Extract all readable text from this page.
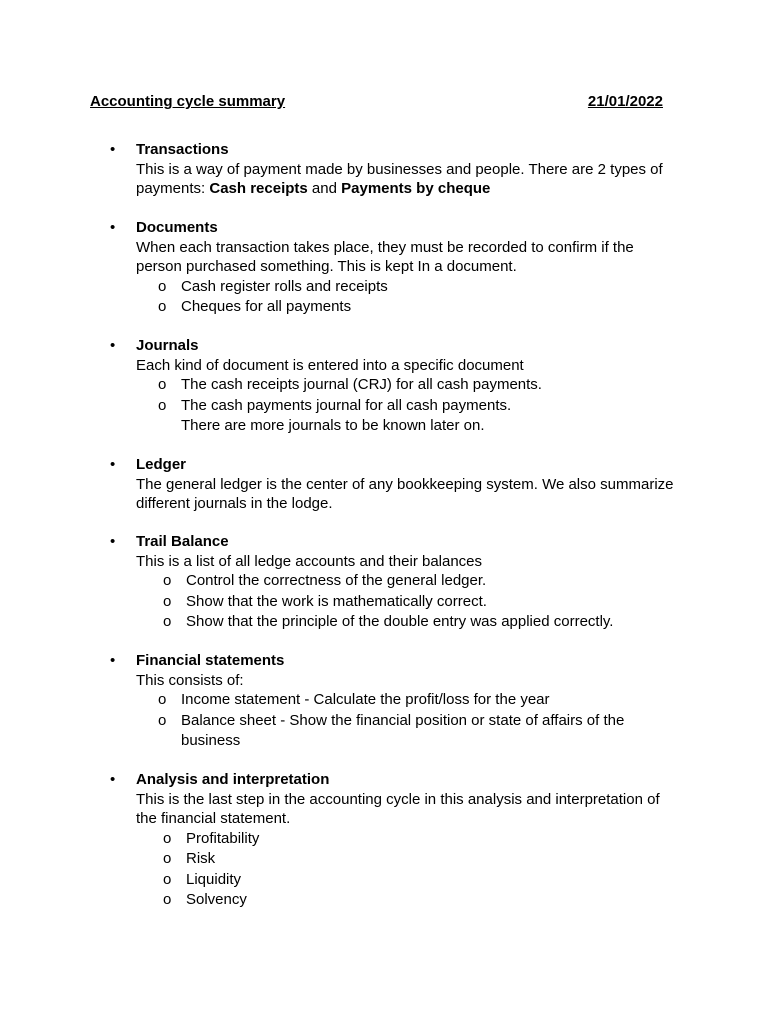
Accounting cycle summary	21/01/2022
• Transactions
This is a way of payment made by businesses and people. There are 2 types of payments: Cash receipts and Payments by cheque
• Documents
When each transaction takes place, they must be recorded to confirm if the person purchased something. This is kept In a document.
o Cash register rolls and receipts
o Cheques for all payments
• Journals
Each kind of document is entered into a specific document
o The cash receipts journal (CRJ) for all cash payments.
o The cash payments journal for all cash payments.
There are more journals to be known later on.
• Ledger
The general ledger is the center of any bookkeeping system. We also summarize different journals in the lodge.
• Trail Balance
This is a list of all ledge accounts and their balances
o Control the correctness of the general ledger.
o Show that the work is mathematically correct.
o Show that the principle of the double entry was applied correctly.
• Financial statements
This consists of:
o Income statement - Calculate the profit/loss for the year
o Balance sheet - Show the financial position or state of affairs of the business
• Analysis and interpretation
This is the last step in the accounting cycle in this analysis and interpretation of the financial statement.
o Profitability
o Risk
o Liquidity
o Solvency
